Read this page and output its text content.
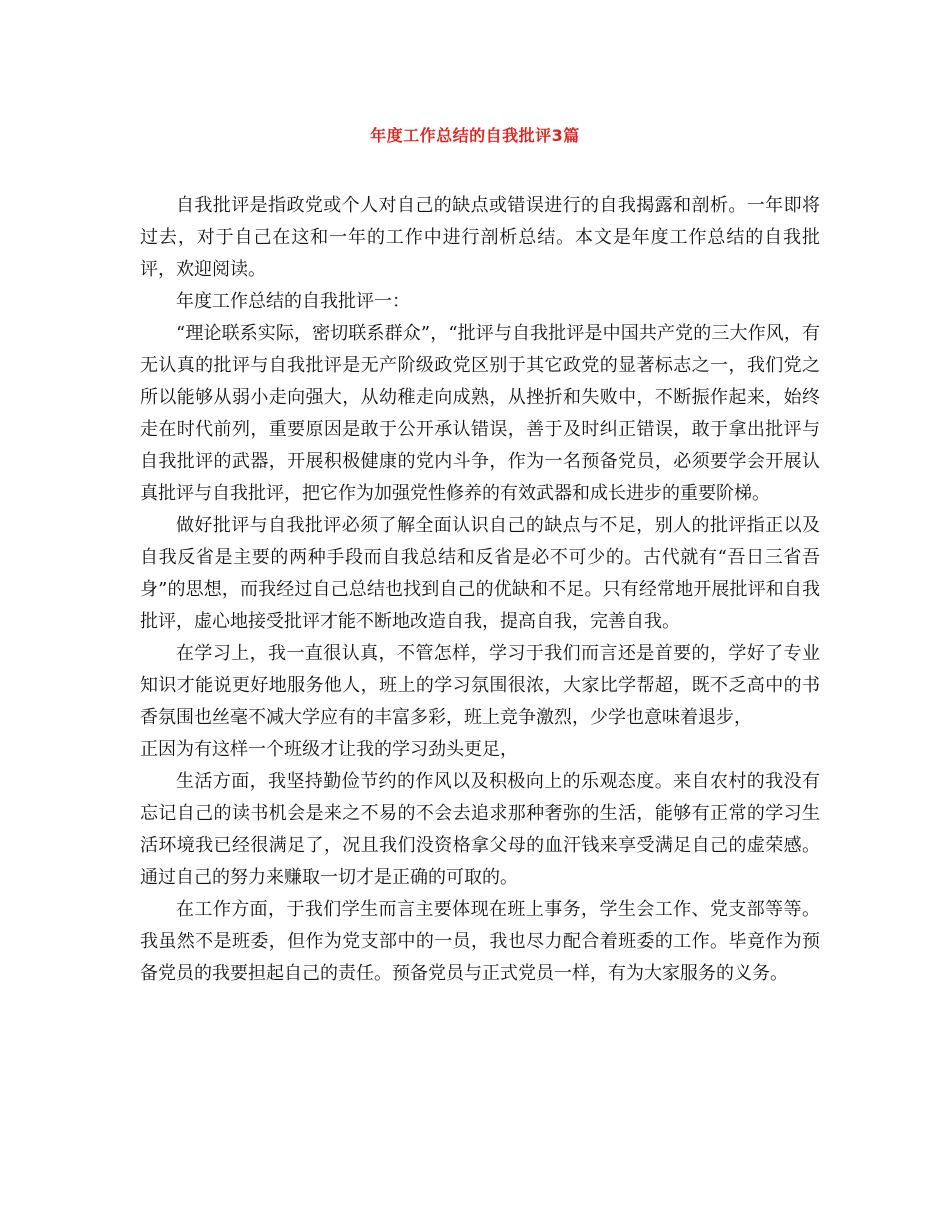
年度工作总结的自我批评3篇

自我批评是指政党或个人对自己的缺点或错误进行的自我揭露和剖析。一年即将过去，对于自己在这和一年的工作中进行剖析总结。本文是年度工作总结的自我批评，欢迎阅读。

年度工作总结的自我批评一：

“理论联系实际，密切联系群众”，“批评与自我批评是中国共产党的三大作风，有无认真的批评与自我批评是无产阶级政党区别于其它政党的显著标志之一，我们党之所以能够从弱小走向强大，从幼稚走向成熟，从挫折和失败中，不断振作起来，始终走在时代前列，重要原因是敢于公开承认错误，善于及时纠正错误，敢于拿出批评与自我批评的武器，开展积极健康的党内斗争，作为一名预备党员，必须要学会开展认真批评与自我批评，把它作为加强党性修养的有效武器和成长进步的重要阶梯。

做好批评与自我批评必须了解全面认识自己的缺点与不足，别人的批评指正以及自我反省是主要的两种手段而自我总结和反省是必不可少的。古代就有“吾日三省吾身”的思想，而我经过自己总结也找到自己的优缺和不足。只有经常地开展批评和自我批评，虚心地接受批评才能不断地改造自我，提高自我，完善自我。

在学习上，我一直很认真，不管怎样，学习于我们而言还是首要的，学好了专业知识才能说更好地服务他人，班上的学习氛围很浓，大家比学帮超，既不乏高中的书香氛围也丝毫不减大学应有的丰富多彩，班上竞争激烈，少学也意味着退步，

正因为有这样一个班级才让我的学习劲头更足，

生活方面，我坚持勤俭节约的作风以及积极向上的乐观态度。来自农村的我没有忘记自己的读书机会是来之不易的不会去追求那种奢弥的生活，能够有正常的学习生活环境我已经很满足了，况且我们没资格拿父母的血汗钱来享受满足自己的虚荣感。通过自己的努力来赚取一切才是正确的可取的。

在工作方面，于我们学生而言主要体现在班上事务，学生会工作、党支部等等。我虽然不是班委，但作为党支部中的一员，我也尽力配合着班委的工作。毕竟作为预备党员的我要担起自己的责任。预备党员与正式党员一样，有为大家服务的义务。
